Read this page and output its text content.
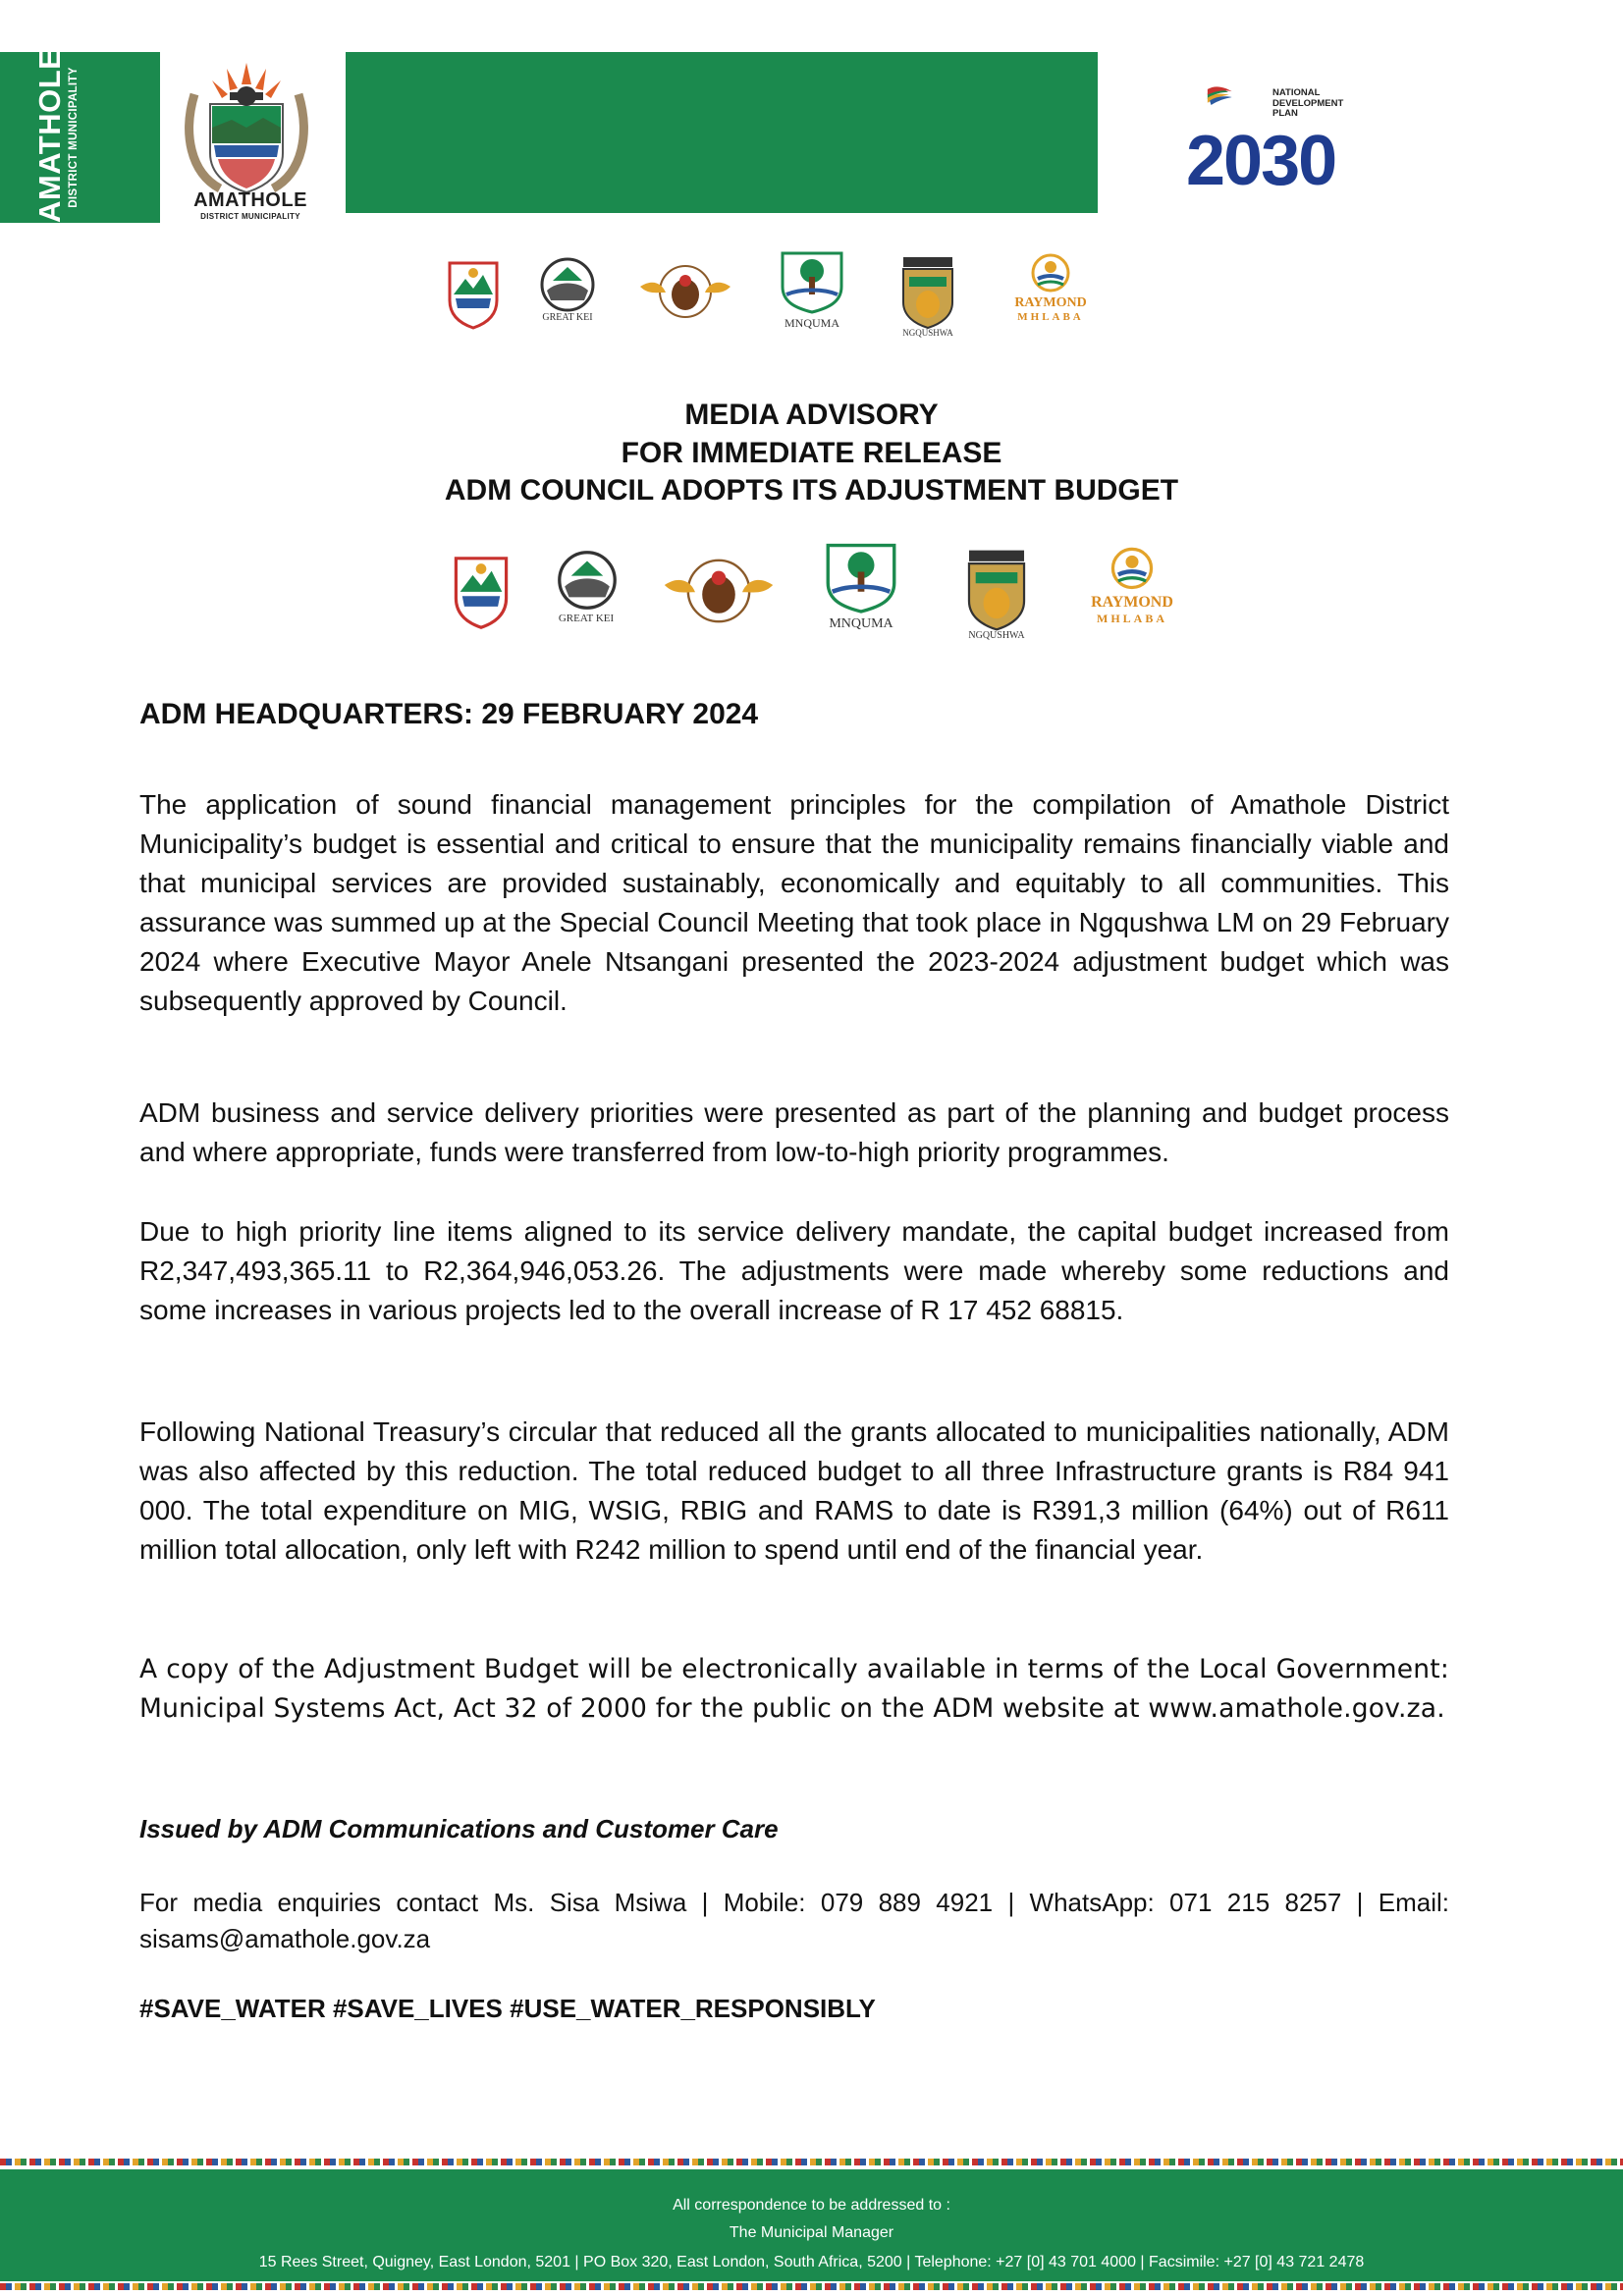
AMATHOLE DISTRICT MUNICIPALITY	AMATHOLE
DISTRICT MUNICIPALITY
NATIONAL
DEVELOPMENT
PLAN
2030
GREAT KEI	MNQUMA
NGQUSHWA
RAYMOND
MHLABA
MEDIA ADVISORY
FOR IMMEDIATE RELEASE
ADM COUNCIL ADOPTS ITS ADJUSTMENT BUDGET
GREAT KEI	MNQUMA
NGQUSHWA
RAYMOND
MHLABA
ADM HEADQUARTERS: 29 FEBRUARY 2024
The application of sound financial management principles for the compilation of Amathole District Municipality’s budget is essential and critical to ensure that the municipality remains financially viable and that municipal services are provided sustainably, economically and equitably to all communities. This assurance was summed up at the Special Council Meeting that took place in Ngqushwa LM on 29 February 2024 where Executive Mayor Anele Ntsangani presented the 2023-2024 adjustment budget which was subsequently approved by Council.
ADM business and service delivery priorities were presented as part of the planning and budget process and where appropriate, funds were transferred from low-to-high priority programmes.
Due to high priority line items aligned to its service delivery mandate, the capital budget increased from R2,347,493,365.11 to R2,364,946,053.26. The adjustments were made whereby some reductions and some increases in various projects led to the overall increase of R 17 452 68815.
Following National Treasury’s circular that reduced all the grants allocated to municipalities nationally, ADM was also affected by this reduction. The total reduced budget to all three Infrastructure grants is R84 941 000. The total expenditure on MIG, WSIG, RBIG and RAMS to date is R391,3 million (64%) out of R611 million total allocation, only left with R242 million to spend until end of the financial year.
A copy of the Adjustment Budget will be electronically available in terms of the Local Government: Municipal Systems Act, Act 32 of 2000 for the public on the ADM website at www.amathole.gov.za.
Issued by ADM Communications and Customer Care
For media enquiries contact Ms. Sisa Msiwa | Mobile: 079 889 4921 | WhatsApp: 071 215 8257 | Email: sisams@amathole.gov.za
#SAVE_WATER #SAVE_LIVES #USE_WATER_RESPONSIBLY
All correspondence to be addressed to :
The Municipal Manager
15 Rees Street, Quigney, East London, 5201 | PO Box 320, East London, South Africa, 5200 | Telephone: +27 [0] 43 701 4000 | Facsimile: +27 [0] 43 721 2478
